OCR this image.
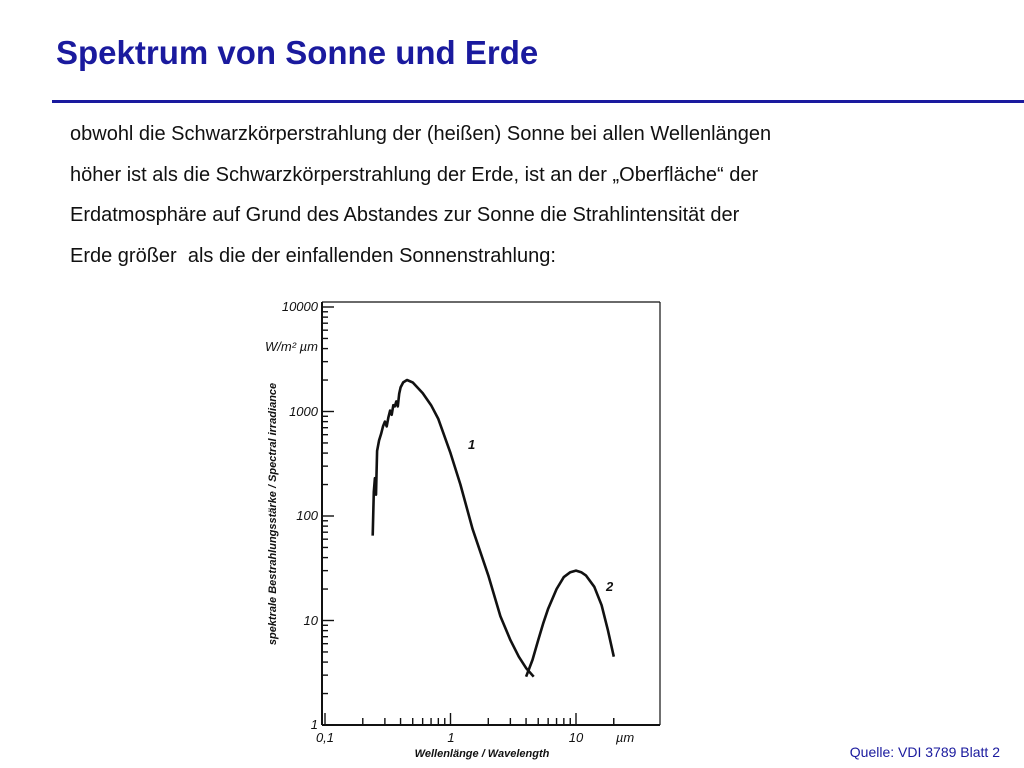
Spektrum von Sonne und Erde

obwohl die Schwarzkörperstrahlung der (heißen) Sonne bei allen Wellenlängen

höher ist als die Schwarzkörperstrahlung der Erde, ist an der „Oberfläche“ der

Erdatmosphäre auf Grund des Abstandes zur Sonne die Strahlintensität der

Erde größer  als die der einfallenden Sonnenstrahlung:

10000
1000
100
10
1
0,1	1	10	µm
W/m² µm
spektrale Bestrahlungsstärke / Spectral irradiance
Wellenlänge / Wavelength
1
2
Quelle: VDI 3789 Blatt 2
